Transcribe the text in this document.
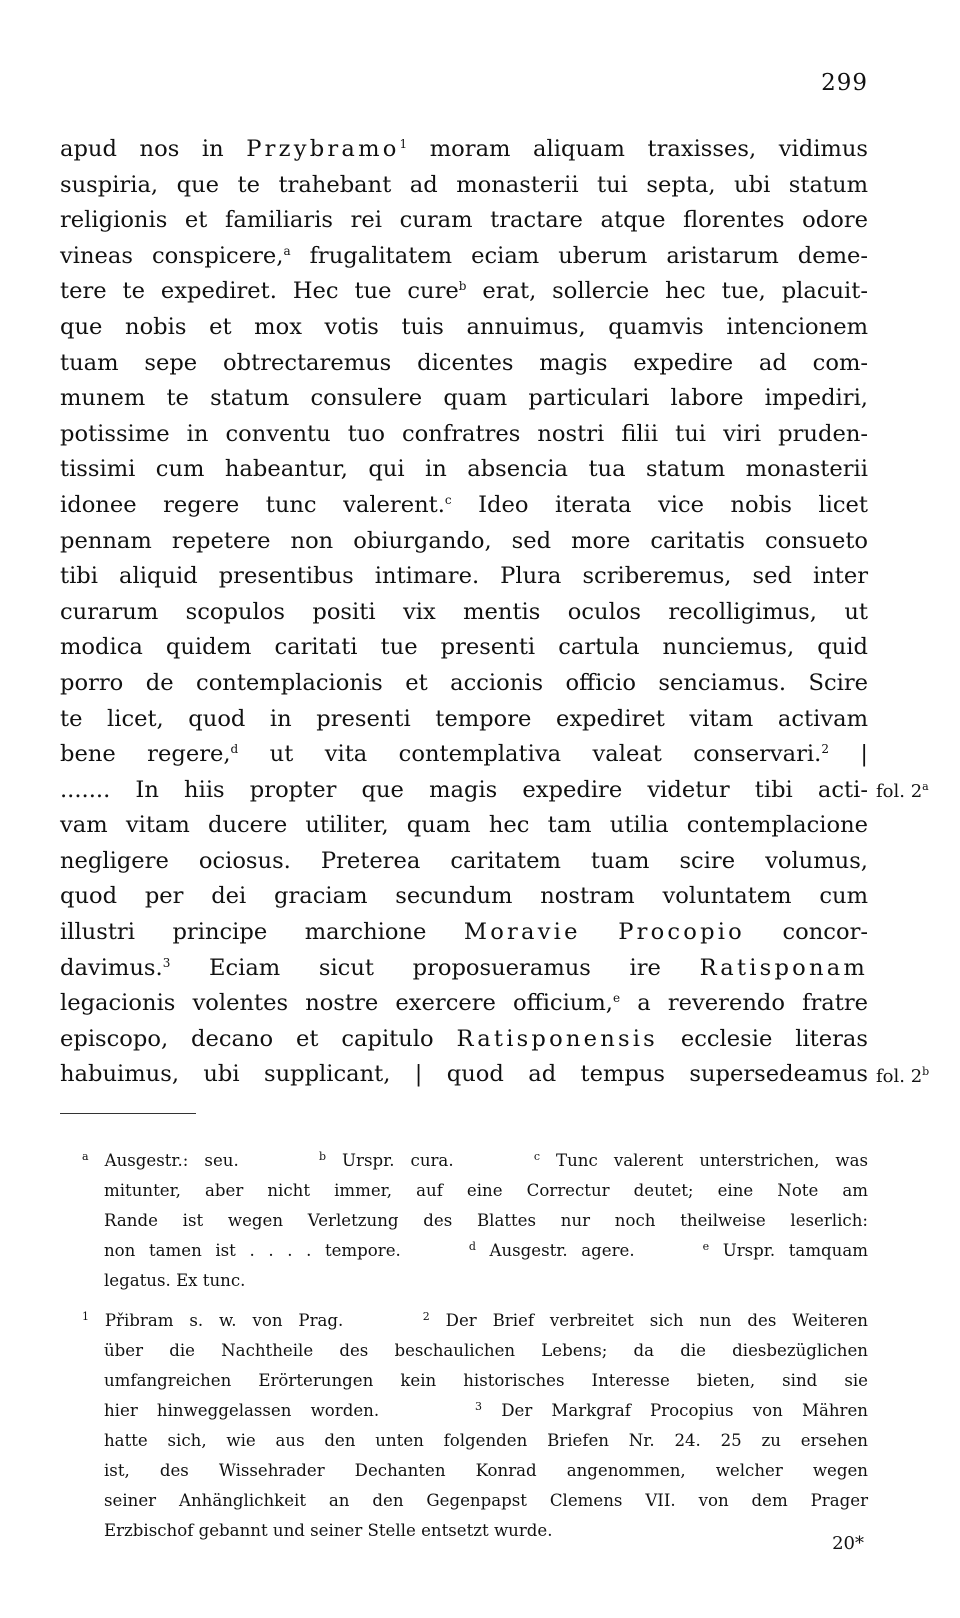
299
apud nos in Przybramo$^1$ moram aliquam traxisses, vidimus
suspiria, que te trahebant ad monasterii tui septa, ubi statum
religionis et familiaris rei curam tractare atque florentes odore
vineas conspicere,$^a$ frugalitatem eciam uberum aristarum deme-
tere te expediret. Hec tue cure$^b$ erat, sollercie hec tue, placuit-
que nobis et mox votis tuis annuimus, quamvis intencionem
tuam sepe obtrectaremus dicentes magis expedire ad com-
munem te statum consulere quam particulari labore impediri,
potissime in conventu tuo confratres nostri filii tui viri pruden-
tissimi cum habeantur, qui in absencia tua statum monasterii
idonee regere tunc valerent.$^c$ Ideo iterata vice nobis licet
pennam repetere non obiurgando, sed more caritatis consueto
tibi aliquid presentibus intimare. Plura scriberemus, sed inter
curarum scopulos positi vix mentis oculos recolligimus, ut
modica quidem caritati tue presenti cartula nunciemus, quid
porro de contemplacionis et accionis officio senciamus. Scire
te licet, quod in presenti tempore expediret vitam activam
bene regere,$^d$ ut vita contemplativa valeat conservari.$^2$ |
....... In hiis propter que magis expedire videtur tibi acti-
vam vitam ducere utiliter, quam hec tam utilia contemplacione
negligere ociosus. Preterea caritatem tuam scire volumus,
quod per dei graciam secundum nostram voluntatem cum
illustri principe marchione Moravie Procopio concor-
davimus.$^3$ Eciam sicut proposueramus ire Ratisponam
legacionis volentes nostre exercere officium,$^e$ a reverendo fratre
episcopo, decano et capitulo Ratisponensis ecclesie literas
habuimus, ubi supplicant, | quod ad tempus supersedeamus
fol. 2$^a$
fol. 2$^b$
$^a$ Ausgestr.: seu.     $^b$ Urspr. cura.     $^c$ Tunc valerent unterstrichen, was
mitunter, aber nicht immer, auf eine Correctur deutet; eine Note am
Rande ist wegen Verletzung des Blattes nur noch theilweise leserlich:
non tamen ist . . . . tempore.     $^d$ Ausgestr. agere.     $^e$ Urspr. tamquam
legatus. Ex tunc.
$^1$ Přibram s. w. von Prag.     $^2$ Der Brief verbreitet sich nun des Weiteren
über die Nachtheile des beschaulichen Lebens; da die diesbezüglichen
umfangreichen Erörterungen kein historisches Interesse bieten, sind sie
hier hinweggelassen worden.     $^3$ Der Markgraf Procopius von Mähren
hatte sich, wie aus den unten folgenden Briefen Nr. 24. 25 zu ersehen
ist, des Wissehrader Dechanten Konrad angenommen, welcher wegen
seiner Anhänglichkeit an den Gegenpapst Clemens VII. von dem Prager
Erzbischof gebannt und seiner Stelle entsetzt wurde.
20*
